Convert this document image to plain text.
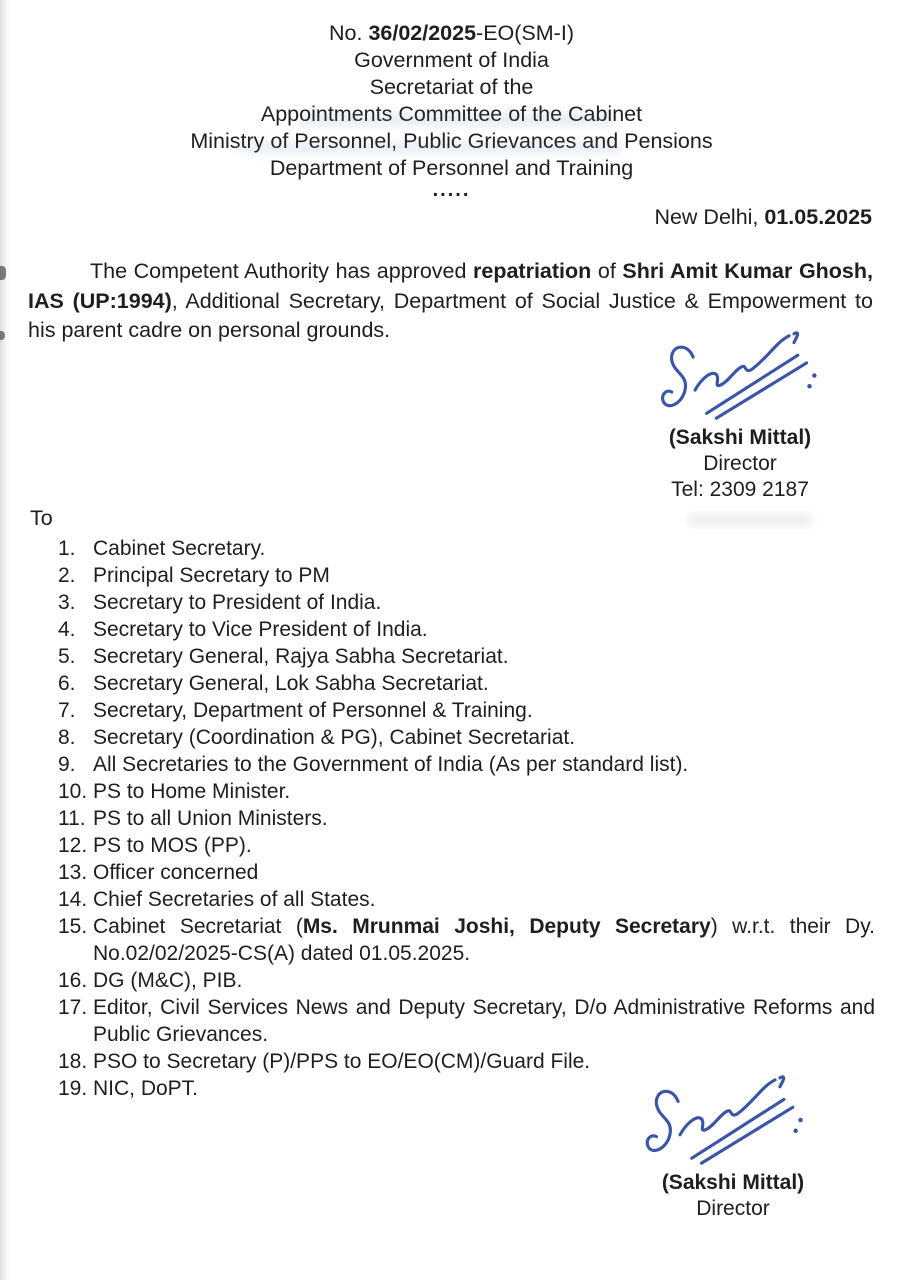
No. 36/02/2025-EO(SM-I)
Government of India
Secretariat of the
Appointments Committee of the Cabinet
Ministry of Personnel, Public Grievances and Pensions
Department of Personnel and Training
.....
New Delhi, 01.05.2025

The Competent Authority has approved repatriation of Shri Amit Kumar Ghosh, IAS (UP:1994), Additional Secretary, Department of Social Justice & Empowerment to his parent cadre on personal grounds.

(Sakshi Mittal)
Director
Tel: 2309 2187
To
1. Cabinet Secretary.
2. Principal Secretary to PM
3. Secretary to President of India.
4. Secretary to Vice President of India.
5. Secretary General, Rajya Sabha Secretariat.
6. Secretary General, Lok Sabha Secretariat.
7. Secretary, Department of Personnel & Training.
8. Secretary (Coordination & PG), Cabinet Secretariat.
9. All Secretaries to the Government of India (As per standard list).
10. PS to Home Minister.
11. PS to all Union Ministers.
12. PS to MOS (PP).
13. Officer concerned
14. Chief Secretaries of all States.
15. Cabinet Secretariat (Ms. Mrunmai Joshi, Deputy Secretary) w.r.t. their Dy. No.02/02/2025-CS(A) dated 01.05.2025.
16. DG (M&C), PIB.
17. Editor, Civil Services News and Deputy Secretary, D/o Administrative Reforms and Public Grievances.
18. PSO to Secretary (P)/PPS to EO/EO(CM)/Guard File.
19. NIC, DoPT.
(Sakshi Mittal)
Director
